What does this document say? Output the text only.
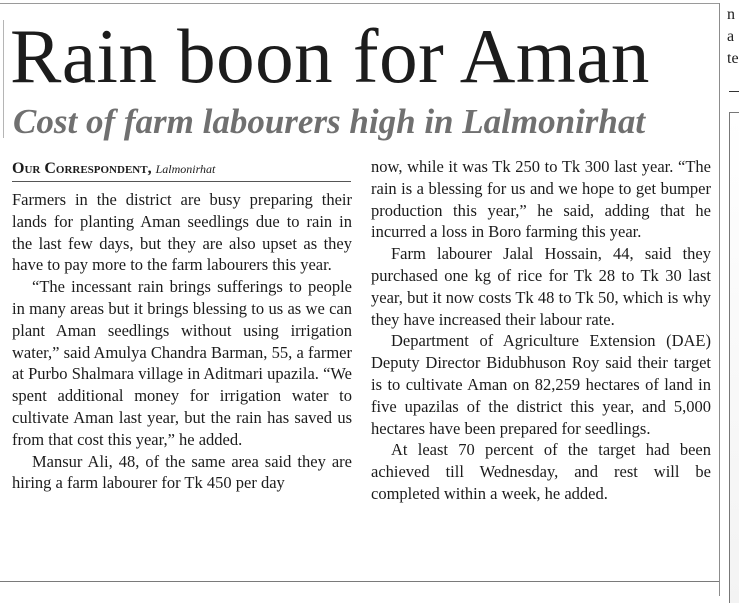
Rain boon for Aman
Cost of farm labourers high in Lalmonirhat
Our Correspondent, Lalmonirhat

Farmers in the district are busy preparing their lands for planting Aman seedlings due to rain in the last few days, but they are also upset as they have to pay more to the farm labourers this year.

“The incessant rain brings sufferings to people in many areas but it brings blessing to us as we can plant Aman seedlings without using irrigation water,” said Amulya Chandra Barman, 55, a farmer at Purbo Shalmara village in Aditmari upazila. “We spent additional money for irrigation water to cultivate Aman last year, but the rain has saved us from that cost this year,” he added.

Mansur Ali, 48, of the same area said they are hiring a farm labourer for Tk 450 per day

now, while it was Tk 250 to Tk 300 last year. “The rain is a blessing for us and we hope to get bumper production this year,” he said, adding that he incurred a loss in Boro farming this year.

Farm labourer Jalal Hossain, 44, said they purchased one kg of rice for Tk 28 to Tk 30 last year, but it now costs Tk 48 to Tk 50, which is why they have increased their labour rate.

Department of Agriculture Extension (DAE) Deputy Director Bidubhuson Roy said their target is to cultivate Aman on 82,259 hectares of land in five upazilas of the district this year, and 5,000 hectares have been prepared for seedlings.

At least 70 percent of the target had been achieved till Wednesday, and rest will be completed within a week, he added.

n
a
te
